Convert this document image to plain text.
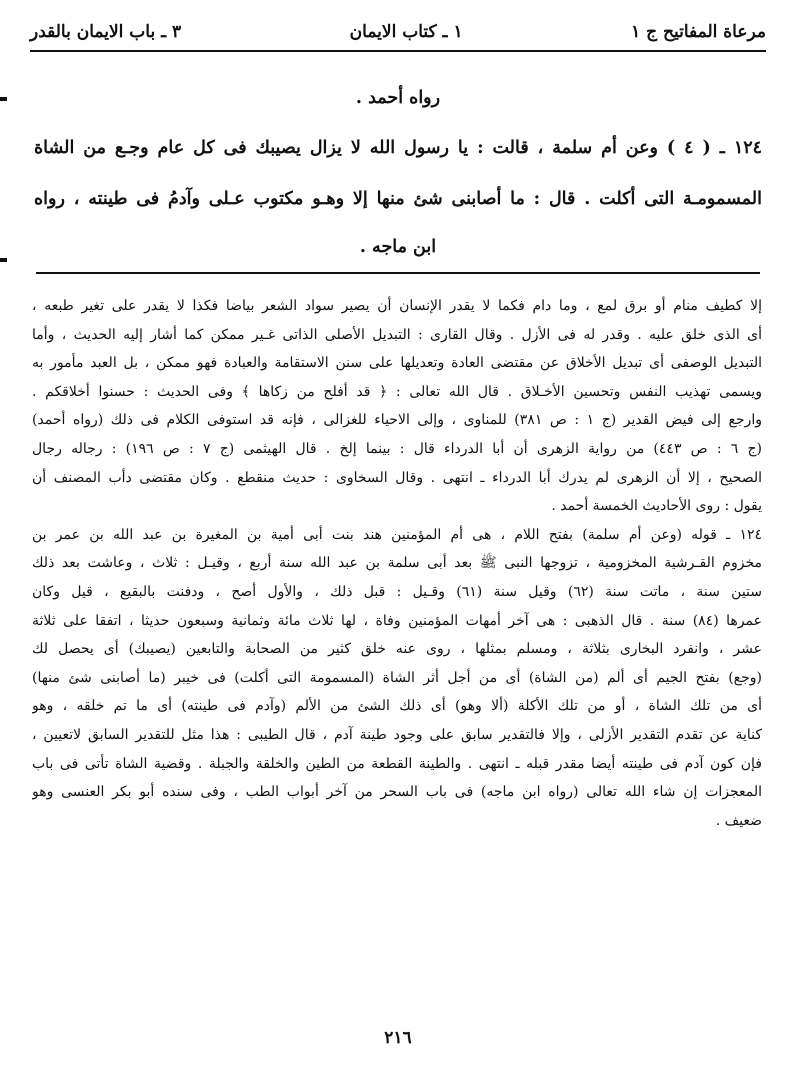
مرعاة المفاتيح ج ١
١ ـ كتاب الايمان
٣ ـ باب الايمان بالقدر
رواه أحمد .
١٢٤ ـ ( ٤ ) وعن أم سلمة ، قالت : يا رسول الله لا يزال يصيبك فى كل عام وجـع من الشاة
المسمومـة التى أكلت . قال : ما أصابنى شئ منها إلا وهـو مكتوب عـلى وآدمُ فى طينته ، رواه
ابن ماجه .

إلا كطيف منام أو برق لمع ، وما دام فكما لا يقدر الإنسان أن يصير سواد الشعر بياضا فكذا لا يقدر على تغير طبعه ،

أى الذى خلق عليه . وقدر له فى الأزل . وقال القارى : التبديل الأصلى الذاتى غـير ممكن كما أشار إليه الحديث ، وأما

التبديل الوصفى أى تبديل الأخلاق عن مقتضى العادة وتعديلها على سنن الاستقامة والعبادة فهو ممكن ، بل العبد مأمور به

ويسمى تهذيب النفس وتحسين الأخـلاق . قال الله تعالى : ﴿ قد أفلح من زكاها ﴾ وفى الحديث : حسنوا أخلاقكم .

وارجع إلى فيض القدير (ج ١ : ص ٣٨١) للمناوى ، وإلى الاحياء للغزالى ، فإنه قد استوفى الكلام فى ذلك (رواه أحمد)

(ج ٦ : ص ٤٤٣) من رواية الزهرى أن أبا الدرداء قال : بينما إلخ . قال الهيثمى (ج ٧ : ص ١٩٦) : رجاله رجال

الصحيح ، إلا أن الزهرى لم يدرك أبا الدرداء ـ انتهى . وقال السخاوى : حديث منقطع . وكان مقتضى دأب المصنف أن

يقول : روى الأحاديث الخمسة أحمد .

١٢٤ ـ قوله (وعن أم سلمة) بفتح اللام ، هى أم المؤمنين هند بنت أبى أمية بن المغيرة بن عبد الله بن عمر بن

مخزوم القـرشية المخزومية ، تزوجها النبى ﷺ بعد أبى سلمة بن عبد الله سنة أربع ، وقيـل : ثلاث ، وعاشت بعد ذلك

ستين سنة ، ماتت سنة (٦٢) وقيل سنة (٦١) وقـيل : قبل ذلك ، والأول أصح ، ودفنت بالبقيع ، قيل وكان

عمرها (٨٤) سنة . قال الذهبى : هى آخر أمهات المؤمنين وفاة ، لها ثلاث مائة وثمانية وسبعون حديثا ، اتفقا على ثلاثة

عشر ، وانفرد البخارى بثلاثة ، ومسلم بمثلها ، روى عنه خلق كثير من الصحابة والتابعين (يصيبك) أى يحصل لك

(وجع) بفتح الجيم أى ألم (من الشاة) أى من أجل أثر الشاة (المسمومة التى أكلت) فى خيبر (ما أصابنى شئ منها)

أى من تلك الشاة ، أو من تلك الأكلة (ألا وهو) أى ذلك الشئ من الألم (وآدم فى طينته) أى ما تم خلقه ، وهو

كناية عن تقدم التقدير الأزلى ، وإلا فالتقدير سابق على وجود طينة آدم ، قال الطيبى : هذا مثل للتقدير السابق لاتعيين ،

فإن كون آدم فى طينته أيضا مقدر قبله ـ انتهى . والطينة القطعة من الطين والخلقة والجبلة . وقضية الشاة تأتى فى باب

المعجزات إن شاء الله تعالى (رواه ابن ماجه) فى باب السحر من آخر أبواب الطب ، وفى سنده أبو بكر العنسى وهو

ضعيف .

٢١٦
